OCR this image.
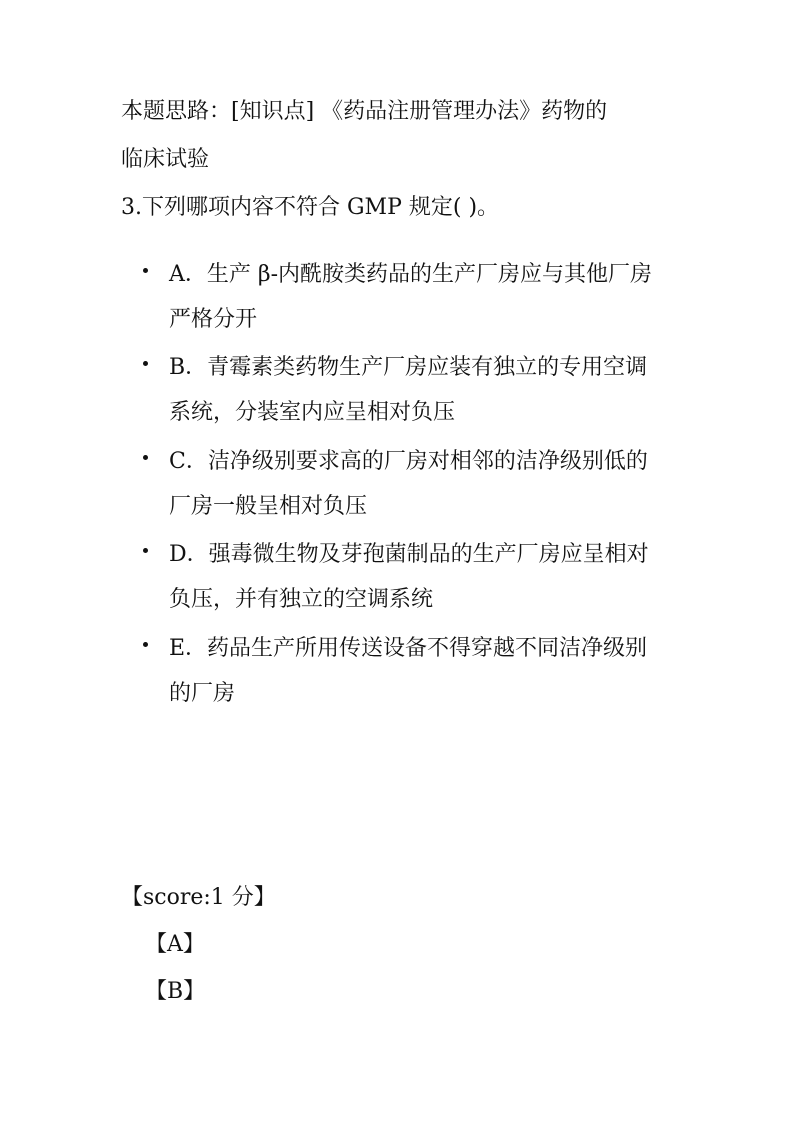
本题思路：[知识点] 《药品注册管理办法》药物的
临床试验
3.下列哪项内容不符合 GMP 规定( )。
A．生产 β-内酰胺类药品的生产厂房应与其他厂房严格分开
B．青霉素类药物生产厂房应装有独立的专用空调系统，分装室内应呈相对负压
C．洁净级别要求高的厂房对相邻的洁净级别低的厂房一般呈相对负压
D．强毒微生物及芽孢菌制品的生产厂房应呈相对负压，并有独立的空调系统
E．药品生产所用传送设备不得穿越不同洁净级别的厂房
【score:1 分】
【A】
【B】
